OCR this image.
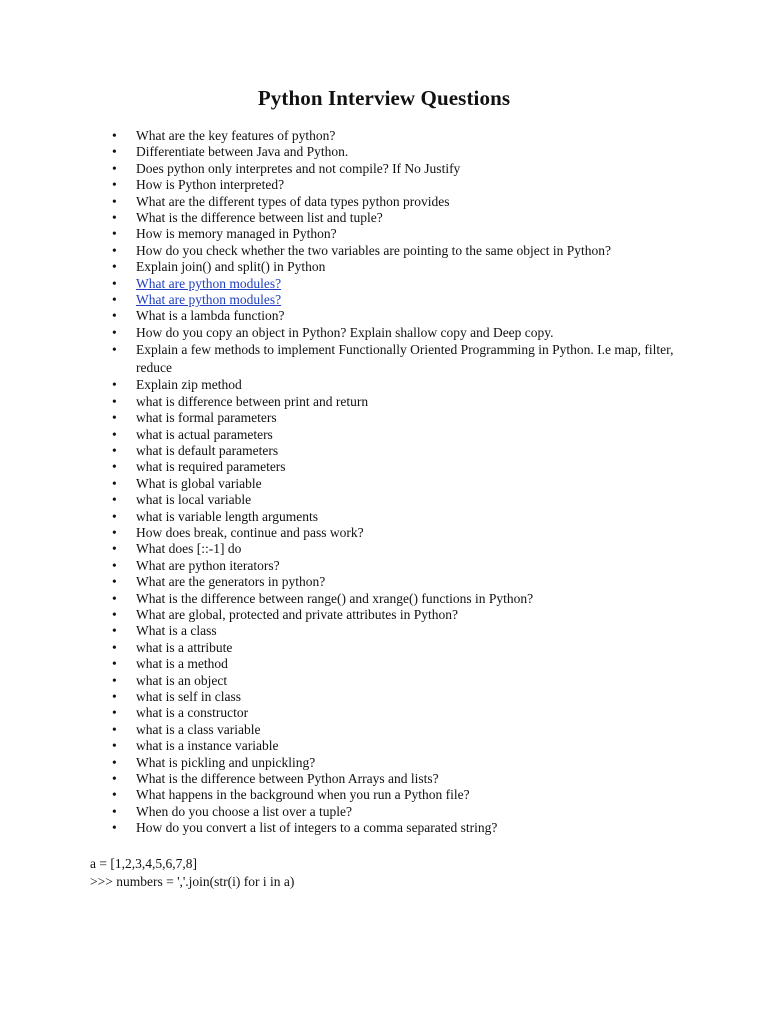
Python Interview Questions
•	What are the key features of python?
•	Differentiate between Java and Python.
•	Does python only interpretes and not compile? If No Justify
•	How is Python interpreted?
•	What are the different types of data types python provides
•	What is the difference between list and tuple?
•	How is memory managed in Python?
•	How do you check whether the two variables are pointing to the same object in Python?
•	Explain join() and split() in Python
•	What are python modules?
•	What are python modules?
•	What is a lambda function?
•	How do you copy an object in Python? Explain shallow copy and Deep copy.
•	Explain a few methods to implement Functionally Oriented Programming in Python. I.e map, filter, reduce
•	Explain zip method
•	what is difference between print and return
•	what is formal parameters
•	what is actual parameters
•	what is default parameters
•	what is required parameters
•	What is global variable
•	what is local variable
•	what is variable length arguments
•	How does break, continue and pass work?
•	What does [::-1] do
•	What are python iterators?
•	What are the generators in python?
•	What is the difference between range() and xrange() functions in Python?
•	What are global, protected and private attributes in Python?
•	What is a class
•	what is a attribute
•	what is a method
•	what is an object
•	what is self in class
•	what is a constructor
•	what is a class variable
•	what is a instance variable
•	What is pickling and unpickling?
•	What is the difference between Python Arrays and lists?
•	What happens in the background when you run a Python file?
•	When do you choose a list over a tuple?
•	How do you convert a list of integers to a comma separated string?
a = [1,2,3,4,5,6,7,8]
>>> numbers = ','.join(str(i) for i in a)
